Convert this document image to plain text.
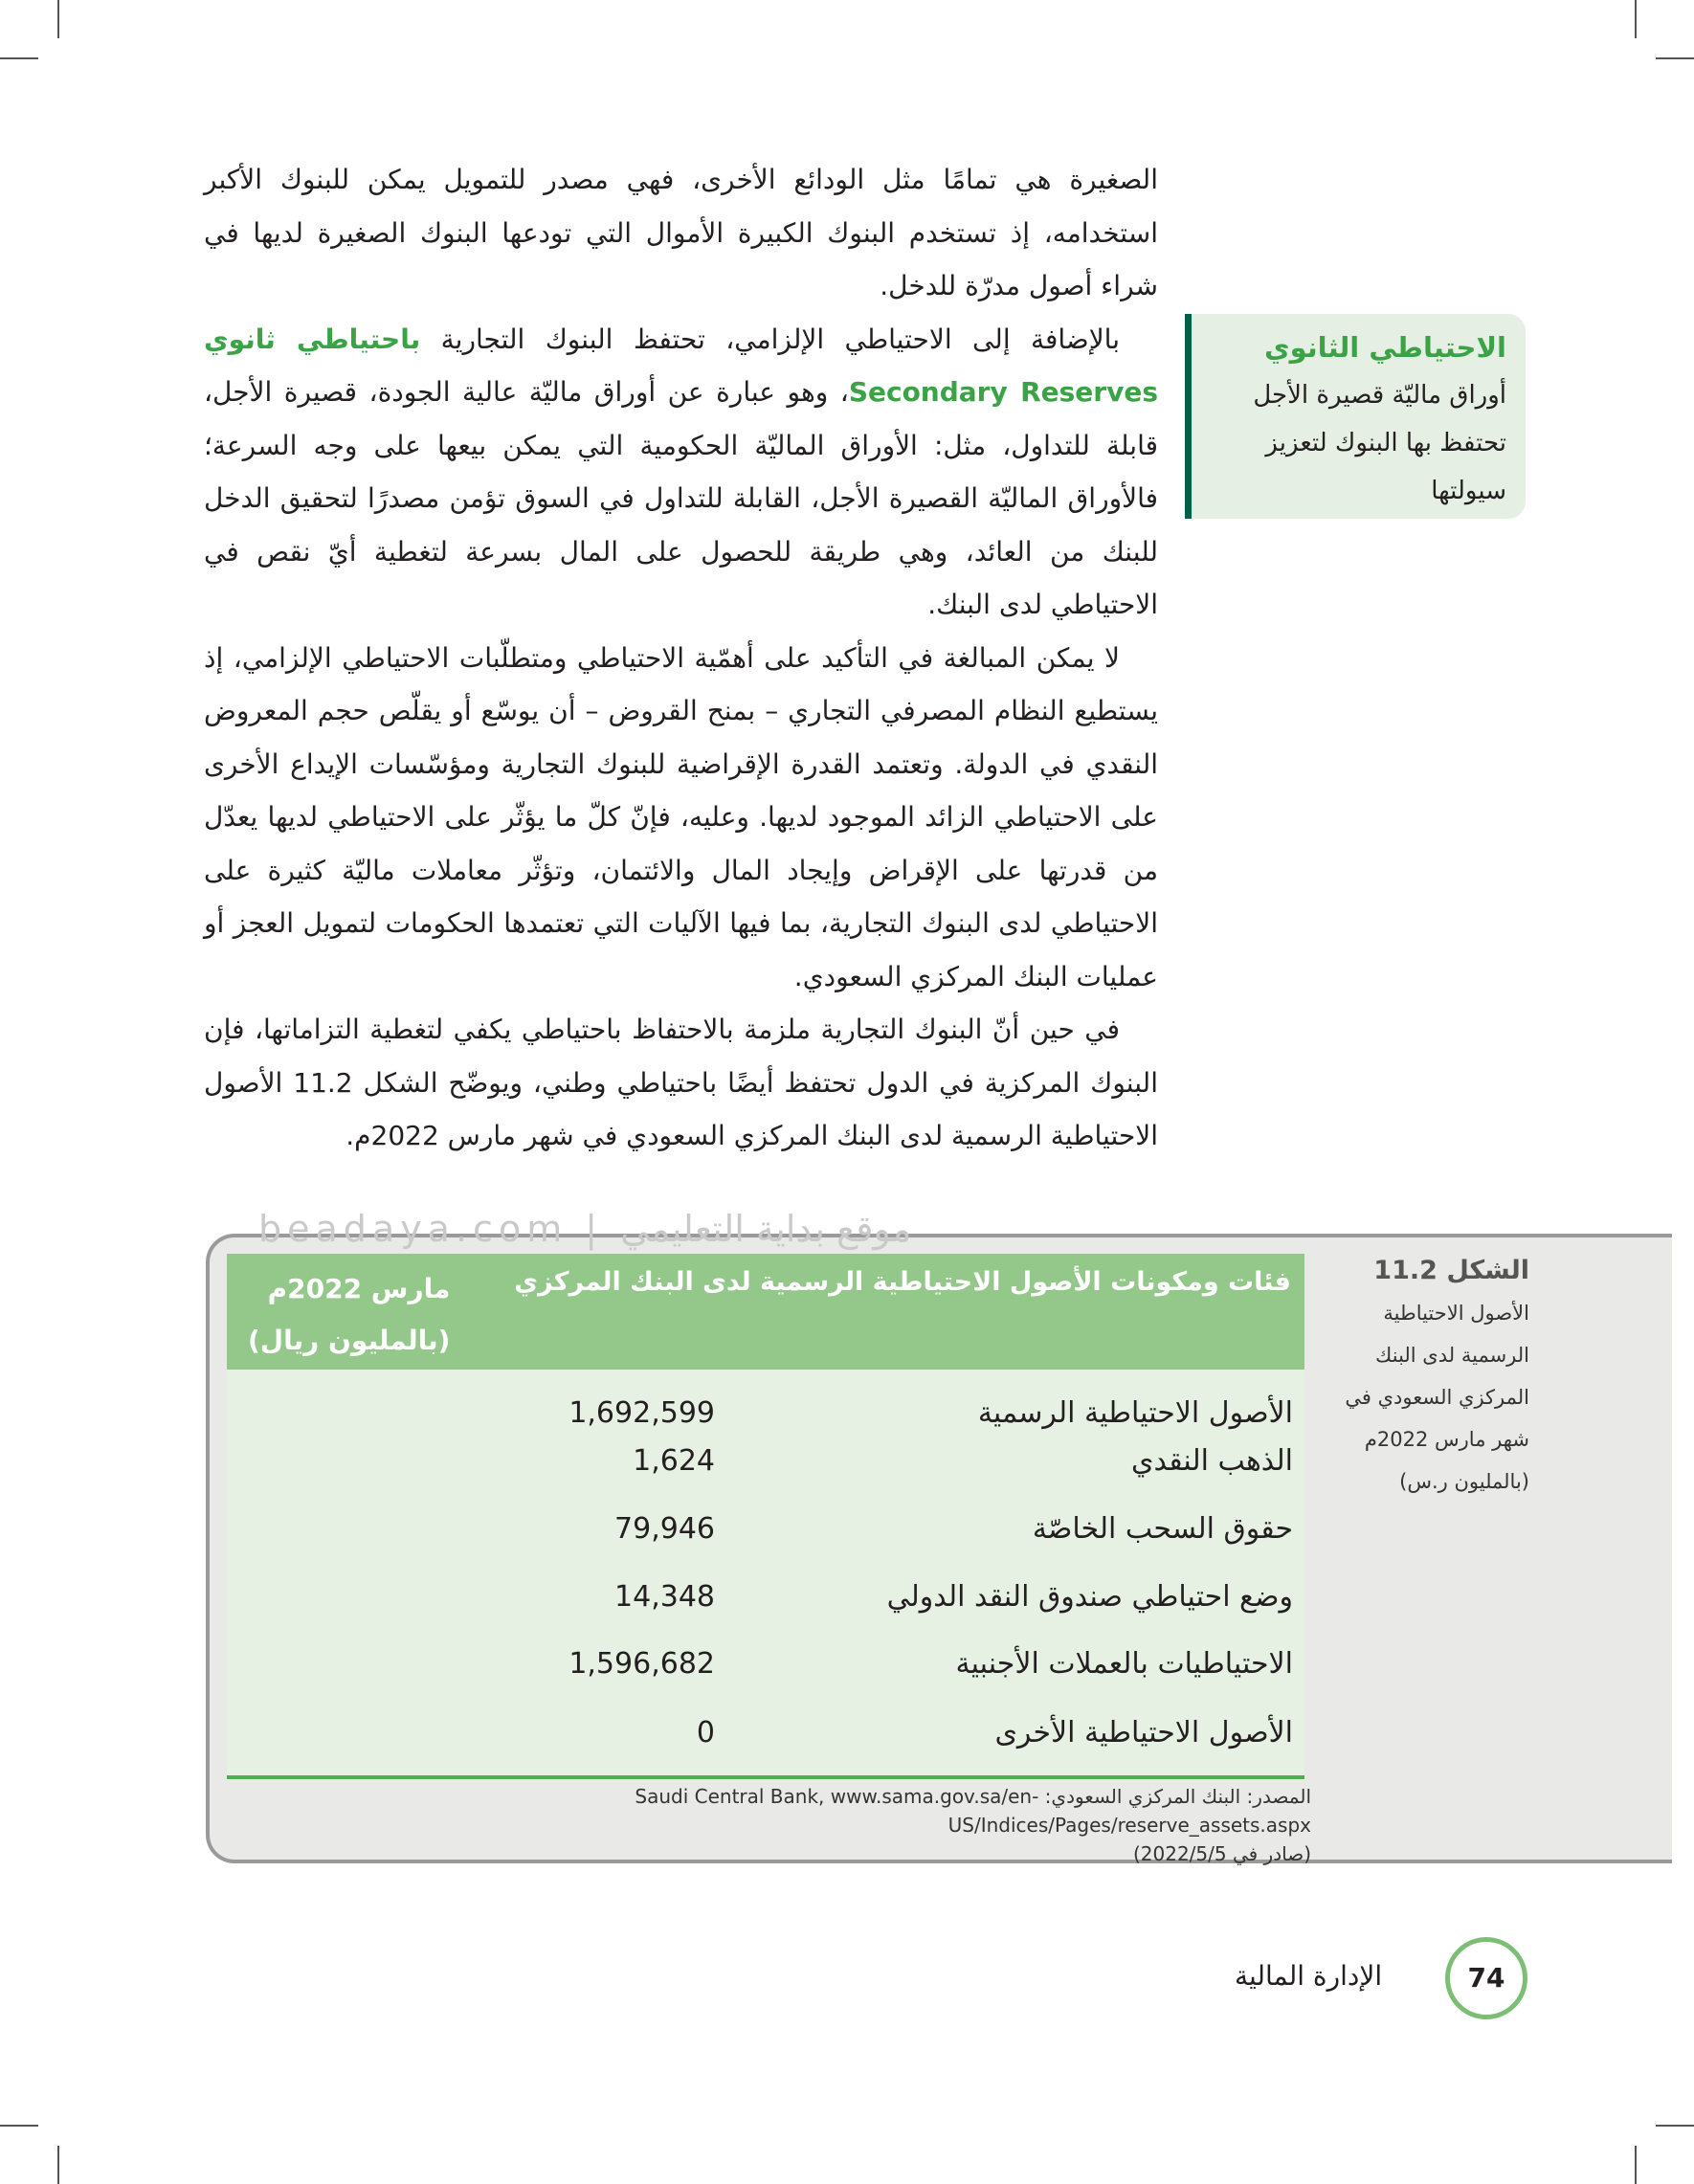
الصغيرة هي تمامًا مثل الودائع الأخرى، فهي مصدر للتمويل يمكن للبنوك الأكبر استخدامه، إذ تستخدم البنوك الكبيرة الأموال التي تودعها البنوك الصغيرة لديها في شراء أصول مدرّة للدخل.

بالإضافة إلى الاحتياطي الإلزامي، تحتفظ البنوك التجارية باحتياطي ثانوي Secondary Reserves، وهو عبارة عن أوراق ماليّة عالية الجودة، قصيرة الأجل، قابلة للتداول، مثل: الأوراق الماليّة الحكومية التي يمكن بيعها على وجه السرعة؛ فالأوراق الماليّة القصيرة الأجل، القابلة للتداول في السوق تؤمن مصدرًا لتحقيق الدخل للبنك من العائد، وهي طريقة للحصول على المال بسرعة لتغطية أيّ نقص في الاحتياطي لدى البنك.

لا يمكن المبالغة في التأكيد على أهمّية الاحتياطي ومتطلّبات الاحتياطي الإلزامي، إذ يستطيع النظام المصرفي التجاري – بمنح القروض – أن يوسّع أو يقلّص حجم المعروض النقدي في الدولة. وتعتمد القدرة الإقراضية للبنوك التجارية ومؤسّسات الإيداع الأخرى على الاحتياطي الزائد الموجود لديها. وعليه، فإنّ كلّ ما يؤثّر على الاحتياطي لديها يعدّل من قدرتها على الإقراض وإيجاد المال والائتمان، وتؤثّر معاملات ماليّة كثيرة على الاحتياطي لدى البنوك التجارية، بما فيها الآليات التي تعتمدها الحكومات لتمويل العجز أو عمليات البنك المركزي السعودي.

في حين أنّ البنوك التجارية ملزمة بالاحتفاظ باحتياطي يكفي لتغطية التزاماتها، فإن البنوك المركزية في الدول تحتفظ أيضًا باحتياطي وطني، ويوضّح الشكل 11.2 الأصول الاحتياطية الرسمية لدى البنك المركزي السعودي في شهر مارس 2022م.

الاحتياطي الثانوي
أوراق ماليّة قصيرة الأجل تحتفظ بها البنوك لتعزيز سيولتها
beadaya.com | موقع بداية التعليمي
فئات ومكونات الأصول الاحتياطية الرسمية لدى البنك المركزي
مارس 2022م
(بالمليون ريال)
الأصول الاحتياطية الرسمية
1,692,599
الذهب النقدي
1,624
حقوق السحب الخاصّة
79,946
وضع احتياطي صندوق النقد الدولي
14,348
الاحتياطيات بالعملات الأجنبية
1,596,682
الأصول الاحتياطية الأخرى
0
الشكل 11.2
الأصول الاحتياطية الرسمية لدى البنك المركزي السعودي في شهر مارس 2022م (بالمليون ر.س)
المصدر: البنك المركزي السعودي: Saudi Central Bank, www.sama.gov.sa/en-US/Indices/Pages/reserve_assets.aspx
(صادر في 2022/5/5)
74
الإدارة المالية
